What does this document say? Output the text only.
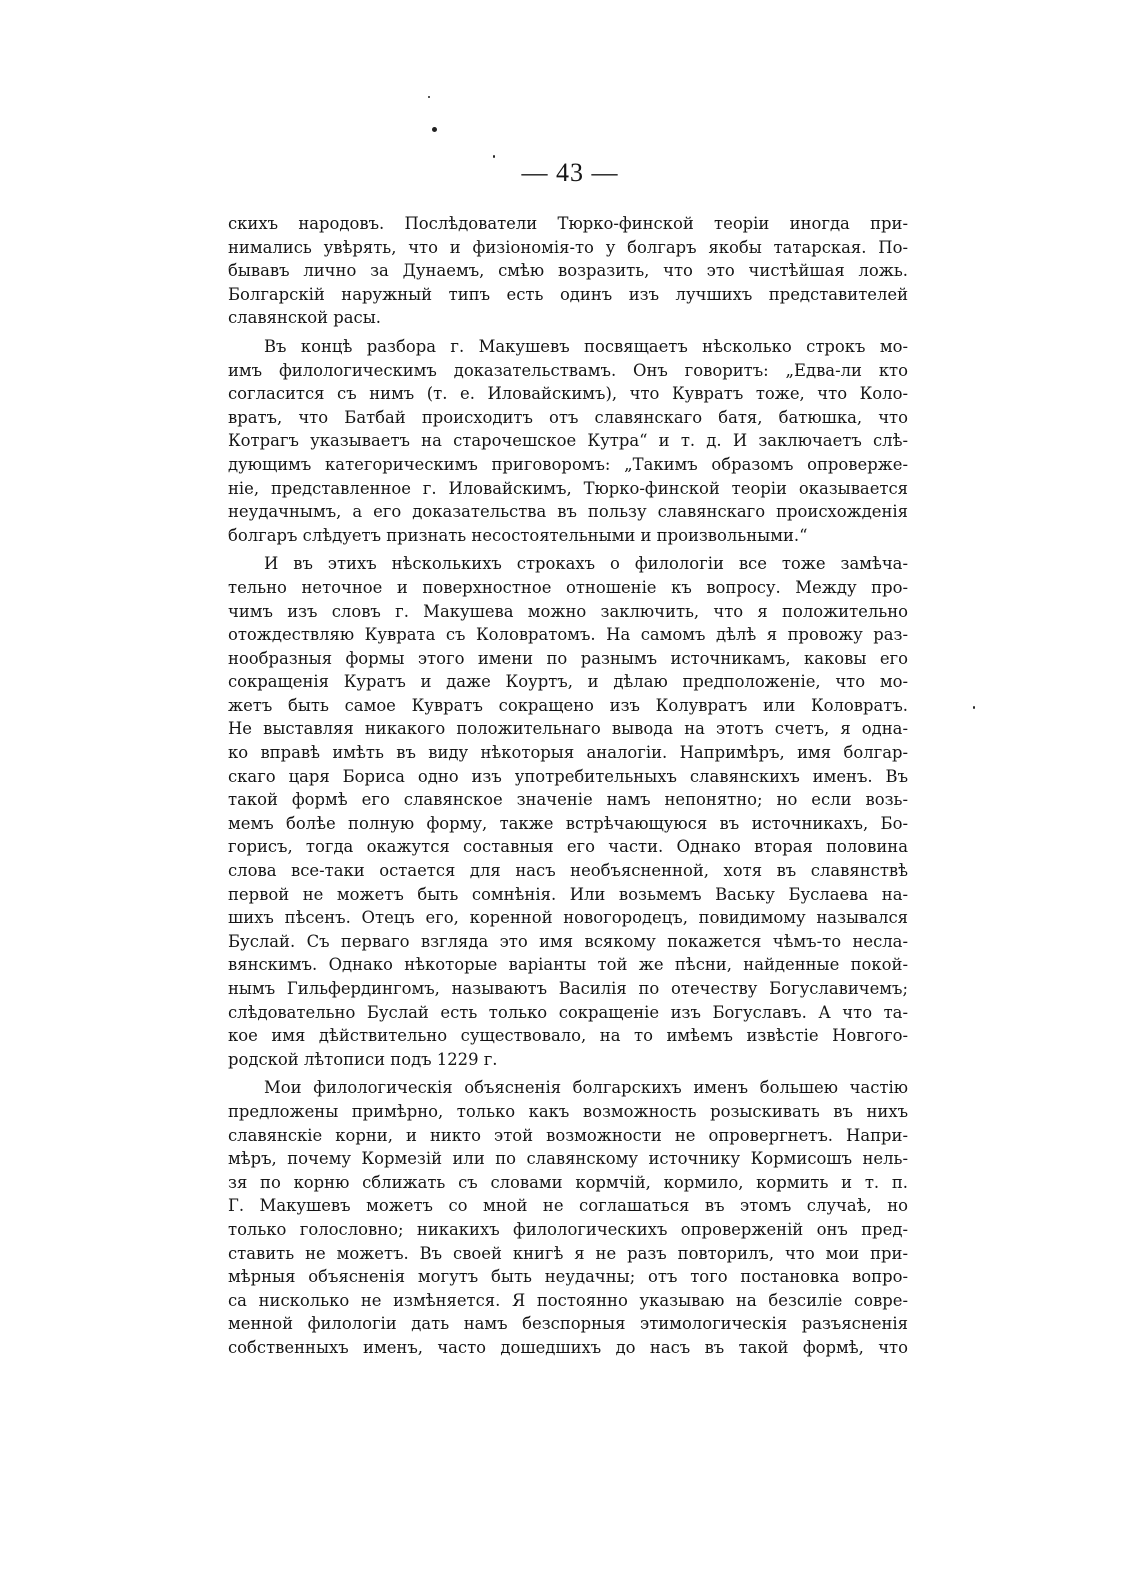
— 43 —

скихъ народовъ. Послѣдователи Тюрко-финской теоріи иногда при-
нимались увѣрять, что и физіономія-то у болгаръ якобы татарская. По-
бывавъ лично за Дунаемъ, смѣю возразить, что это чистѣйшая ложь.
Болгарскій наружный типъ есть одинъ изъ лучшихъ представителей
славянской расы.
Въ концѣ разбора г. Макушевъ посвящаетъ нѣсколько строкъ мо-
имъ филологическимъ доказательствамъ. Онъ говоритъ: „Едва-ли кто
согласится съ нимъ (т. е. Иловайскимъ), что Кувратъ тоже, что Коло-
вратъ, что Батбай происходитъ отъ славянскаго батя, батюшка, что
Котрагъ указываетъ на старочешское Кутра“ и т. д. И заключаетъ слѣ-
дующимъ категорическимъ приговоромъ: „Такимъ образомъ опроверже-
ніе, представленное г. Иловайскимъ, Тюрко-финской теоріи оказывается
неудачнымъ, а его доказательства въ пользу славянскаго происхожденія
болгаръ слѣдуетъ признать несостоятельными и произвольными.“
И въ этихъ нѣсколькихъ строкахъ о филологіи все тоже замѣча-
тельно неточное и поверхностное отношеніе къ вопросу. Между про-
чимъ изъ словъ г. Макушева можно заключить, что я положительно
отождествляю Куврата съ Коловратомъ. На самомъ дѣлѣ я провожу раз-
нообразныя формы этого имени по разнымъ источникамъ, каковы его
сокращенія Куратъ и даже Коуртъ, и дѣлаю предположеніе, что мо-
жетъ быть самое Кувратъ сокращено изъ Колувратъ или Коловратъ.
Не выставляя никакого положительнаго вывода на этотъ счетъ, я одна-
ко вправѣ имѣть въ виду нѣкоторыя аналогіи. Напримѣръ, имя болгар-
скаго царя Бориса одно изъ употребительныхъ славянскихъ именъ. Въ
такой формѣ его славянское значеніе намъ непонятно; но если возь-
мемъ болѣе полную форму, также встрѣчающуюся въ источникахъ, Бо-
горисъ, тогда окажутся составныя его части. Однако вторая половина
слова все-таки остается для насъ необъясненной, хотя въ славянствѣ
первой не можетъ быть сомнѣнія. Или возьмемъ Ваську Буслаева на-
шихъ пѣсенъ. Отецъ его, коренной новогородецъ, повидимому назывался
Буслай. Съ перваго взгляда это имя всякому покажется чѣмъ-то несла-
вянскимъ. Однако нѣкоторые варіанты той же пѣсни, найденные покой-
нымъ Гильфердингомъ, называютъ Василія по отечеству Богуславичемъ;
слѣдовательно Буслай есть только сокращеніе изъ Богуславъ. А что та-
кое имя дѣйствительно существовало, на то имѣемъ извѣстіе Новгого-
родской лѣтописи подъ 1229 г.
Мои филологическія объясненія болгарскихъ именъ большею частію
предложены примѣрно, только какъ возможность розыскивать въ нихъ
славянскіе корни, и никто этой возможности не опровергнетъ. Напри-
мѣръ, почему Кормезій или по славянскому источнику Кормисошъ нель-
зя по корню сближать съ словами кормчій, кормило, кормить и т. п.
Г. Макушевъ можетъ со мной не соглашаться въ этомъ случаѣ, но
только голословно; никакихъ филологическихъ опроверженій онъ пред-
ставить не можетъ. Въ своей книгѣ я не разъ повторилъ, что мои при-
мѣрныя объясненія могутъ быть неудачны; отъ того постановка вопро-
са нисколько не измѣняется. Я постоянно указываю на безсиліе совре-
менной филологіи дать намъ безспорныя этимологическія разъясненія
собственныхъ именъ, часто дошедшихъ до насъ въ такой формѣ, что
